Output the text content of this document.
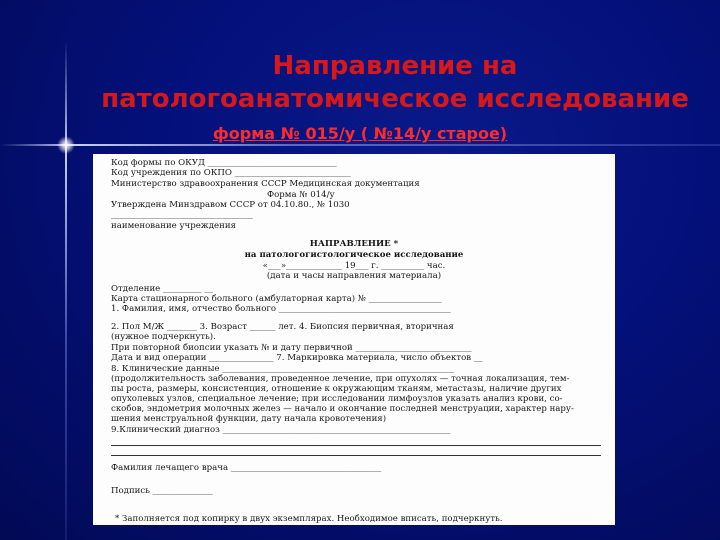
Направление на
патологоанатомическое исследование
форма № 015/у ( №14/у старое)
Код формы по ОКУД ______________________________
Код учреждения по ОКПО ___________________________
Министерство здравоохранения СССР Медицинская документация
Форма № 014/у
Утверждена Минздравом СССР от 04.10.80., № 1030
_________________________________
наименование учреждения
НАПРАВЛЕНИЕ *
на патологогистологическое исследование
«___»_____________ 19___ г. __________ час.
(дата и часы направления материала)
Отделение _________ __
Карта стационарного больного (амбулаторная карта) № _________________
1. Фамилия, имя, отчество больного ________________________________________
2. Пол М/Ж _______ 3. Возраст ______ лет. 4. Биопсия первичная, вторичная
(нужное подчеркнуть).
При повторной биопсии указать № и дату первичной ___________________________
Дата и вид операции _______________ 7. Маркировка материала, число объектов __
8. Клинические данные ______________________________________________________
(продолжительность заболевания, проведенное лечение, при опухолях — точная локализация, тем-
пы роста, размеры, консистенция, отношение к окружающим тканям, метастазы, наличие других
опухолевых узлов, специальное лечение; при исследовании лимфоузлов указать анализ крови, со-
скобов, эндометрия молочных желез — начало и окончание последней менструации, характер нару-
шения менструальной функции, дату начала кровотечения)
9.Клинический диагноз _____________________________________________________
Фамилия лечащего врача ___________________________________
Подпись ______________
* Заполняется под копирку в двух экземплярах. Необходимое вписать, подчеркнуть.
